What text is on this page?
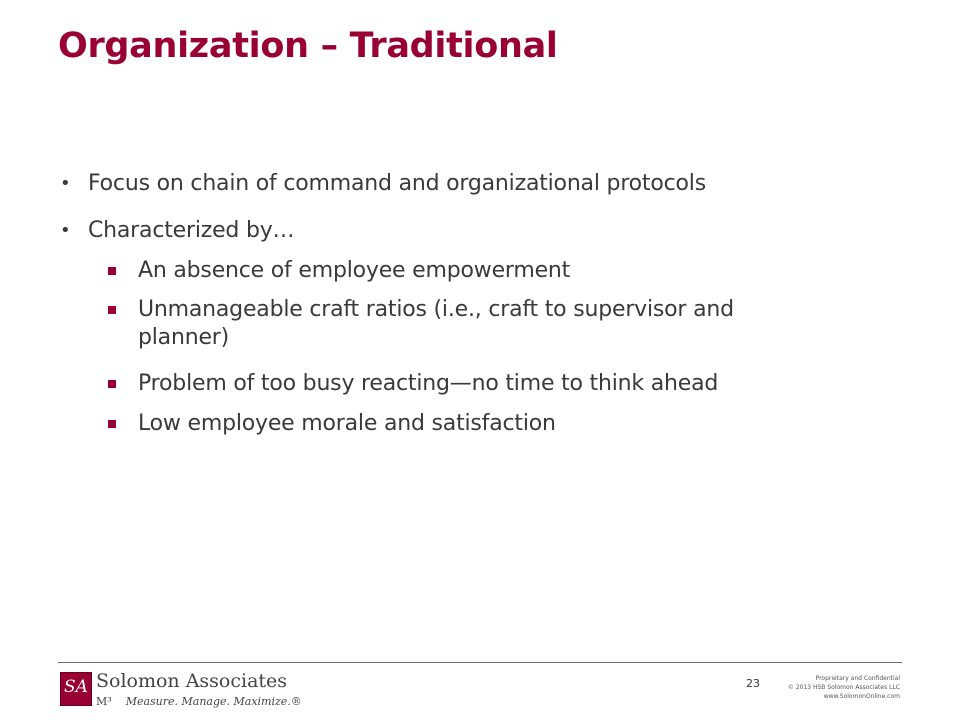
Organization – Traditional
• Focus on chain of command and organizational protocols
• Characterized by…
An absence of employee empowerment
Unmanageable craft ratios (i.e., craft to supervisor and planner)
Problem of too busy reacting—no time to think ahead
Low employee morale and satisfaction
SA Solomon Associates
M³ Measure. Manage. Maximize.®
23	Proprietary and Confidential
© 2013 HSB Solomon Associates LLC
www.SolomonOnline.com
